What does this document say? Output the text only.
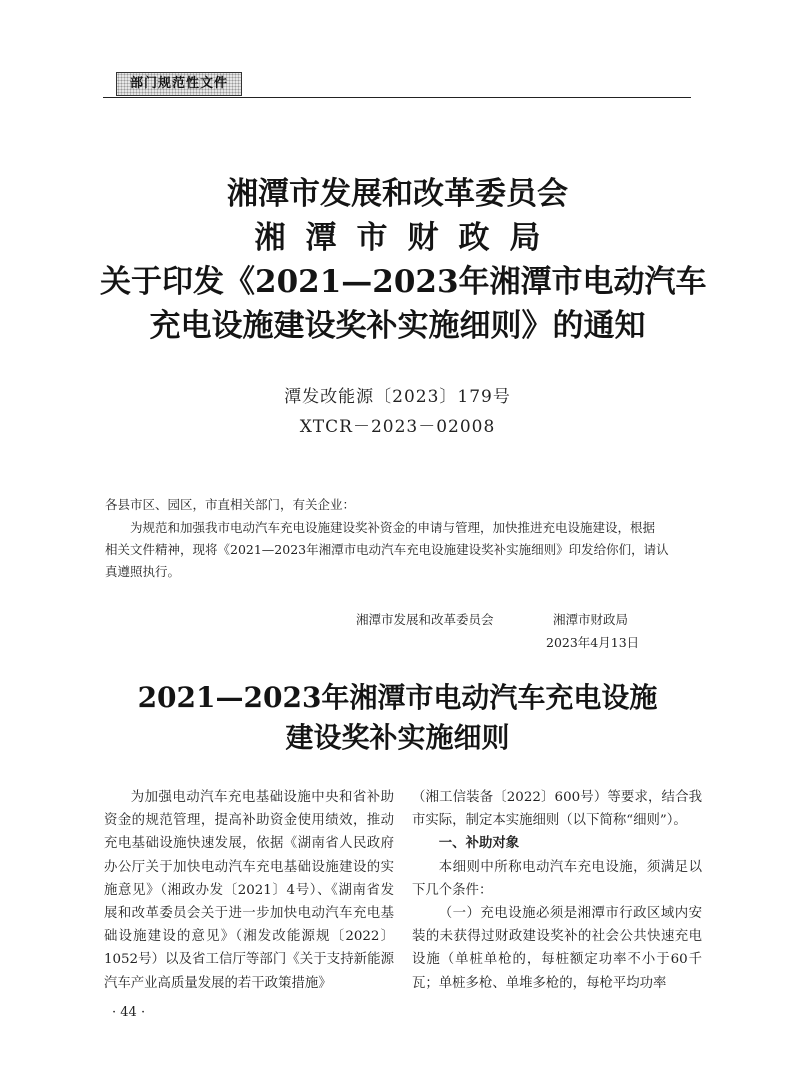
部门规范性文件
湘潭市发展和改革委员会
湘潭市财政局
关于印发《2021—2023年湘潭市电动汽车
充电设施建设奖补实施细则》的通知
潭发改能源〔2023〕179号
XTCR－2023－02008
各县市区、园区，市直相关部门，有关企业：
为规范和加强我市电动汽车充电设施建设奖补资金的申请与管理，加快推进充电设施建设，根据
相关文件精神，现将《2021—2023年湘潭市电动汽车充电设施建设奖补实施细则》印发给你们，请认
真遵照执行。
湘潭市发展和改革委员会	湘潭市财政局
2023年4月13日
2021—2023年湘潭市电动汽车充电设施
建设奖补实施细则

为加强电动汽车充电基础设施中央和省补助资金的规范管理，提高补助资金使用绩效，推动充电基础设施快速发展，依据《湖南省人民政府办公厅关于加快电动汽车充电基础设施建设的实施意见》（湘政办发〔2021〕4号）、《湖南省发展和改革委员会关于进一步加快电动汽车充电基础设施建设的意见》（湘发改能源规〔2022〕1052号）以及省工信厅等部门《关于支持新能源汽车产业高质量发展的若干政策措施》

（湘工信装备〔2022〕600号）等要求，结合我市实际，制定本实施细则（以下简称“细则”）。

一、补助对象

本细则中所称电动汽车充电设施，须满足以下几个条件：

（一）充电设施必须是湘潭市行政区域内安装的未获得过财政建设奖补的社会公共快速充电设施（单桩单枪的，每桩额定功率不小于60千瓦；单桩多枪、单堆多枪的，每枪平均功率

· 44 ·
